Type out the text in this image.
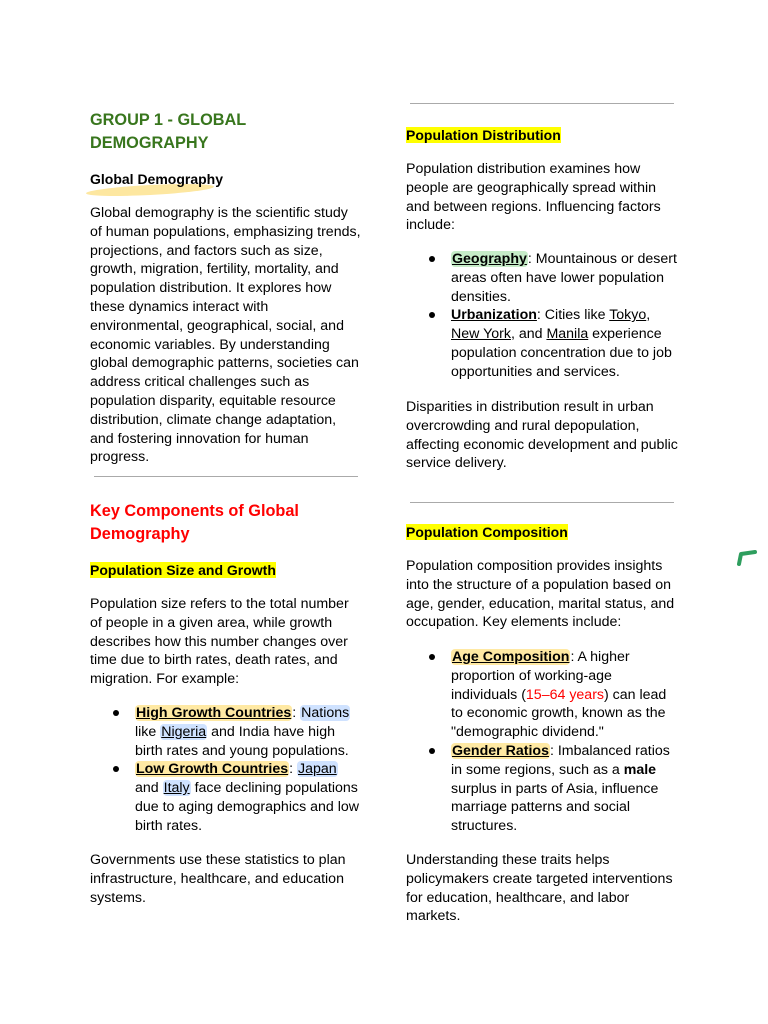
GROUP 1 - GLOBAL DEMOGRAPHY
Global Demography

Global demography is the scientific study of human populations, emphasizing trends, projections, and factors such as size, growth, migration, fertility, mortality, and population distribution. It explores how these dynamics interact with environmental, geographical, social, and economic variables. By understanding global demographic patterns, societies can address critical challenges such as population disparity, equitable resource distribution, climate change adaptation, and fostering innovation for human progress.

Key Components of Global Demography
Population Size and Growth

Population size refers to the total number of people in a given area, while growth describes how this number changes over time due to birth rates, death rates, and migration. For example:

High Growth Countries: Nations like Nigeria and India have high birth rates and young populations.
Low Growth Countries: Japan and Italy face declining populations due to aging demographics and low birth rates.

Governments use these statistics to plan infrastructure, healthcare, and education systems.

Population Distribution

Population distribution examines how people are geographically spread within and between regions. Influencing factors include:

Geography: Mountainous or desert areas often have lower population densities.
Urbanization: Cities like Tokyo, New York, and Manila experience population concentration due to job opportunities and services.

Disparities in distribution result in urban overcrowding and rural depopulation, affecting economic development and public service delivery.

Population Composition

Population composition provides insights into the structure of a population based on age, gender, education, marital status, and occupation. Key elements include:

Age Composition: A higher proportion of working-age individuals (15–64 years) can lead to economic growth, known as the "demographic dividend."
Gender Ratios: Imbalanced ratios in some regions, such as a male surplus in parts of Asia, influence marriage patterns and social structures.

Understanding these traits helps policymakers create targeted interventions for education, healthcare, and labor markets.
